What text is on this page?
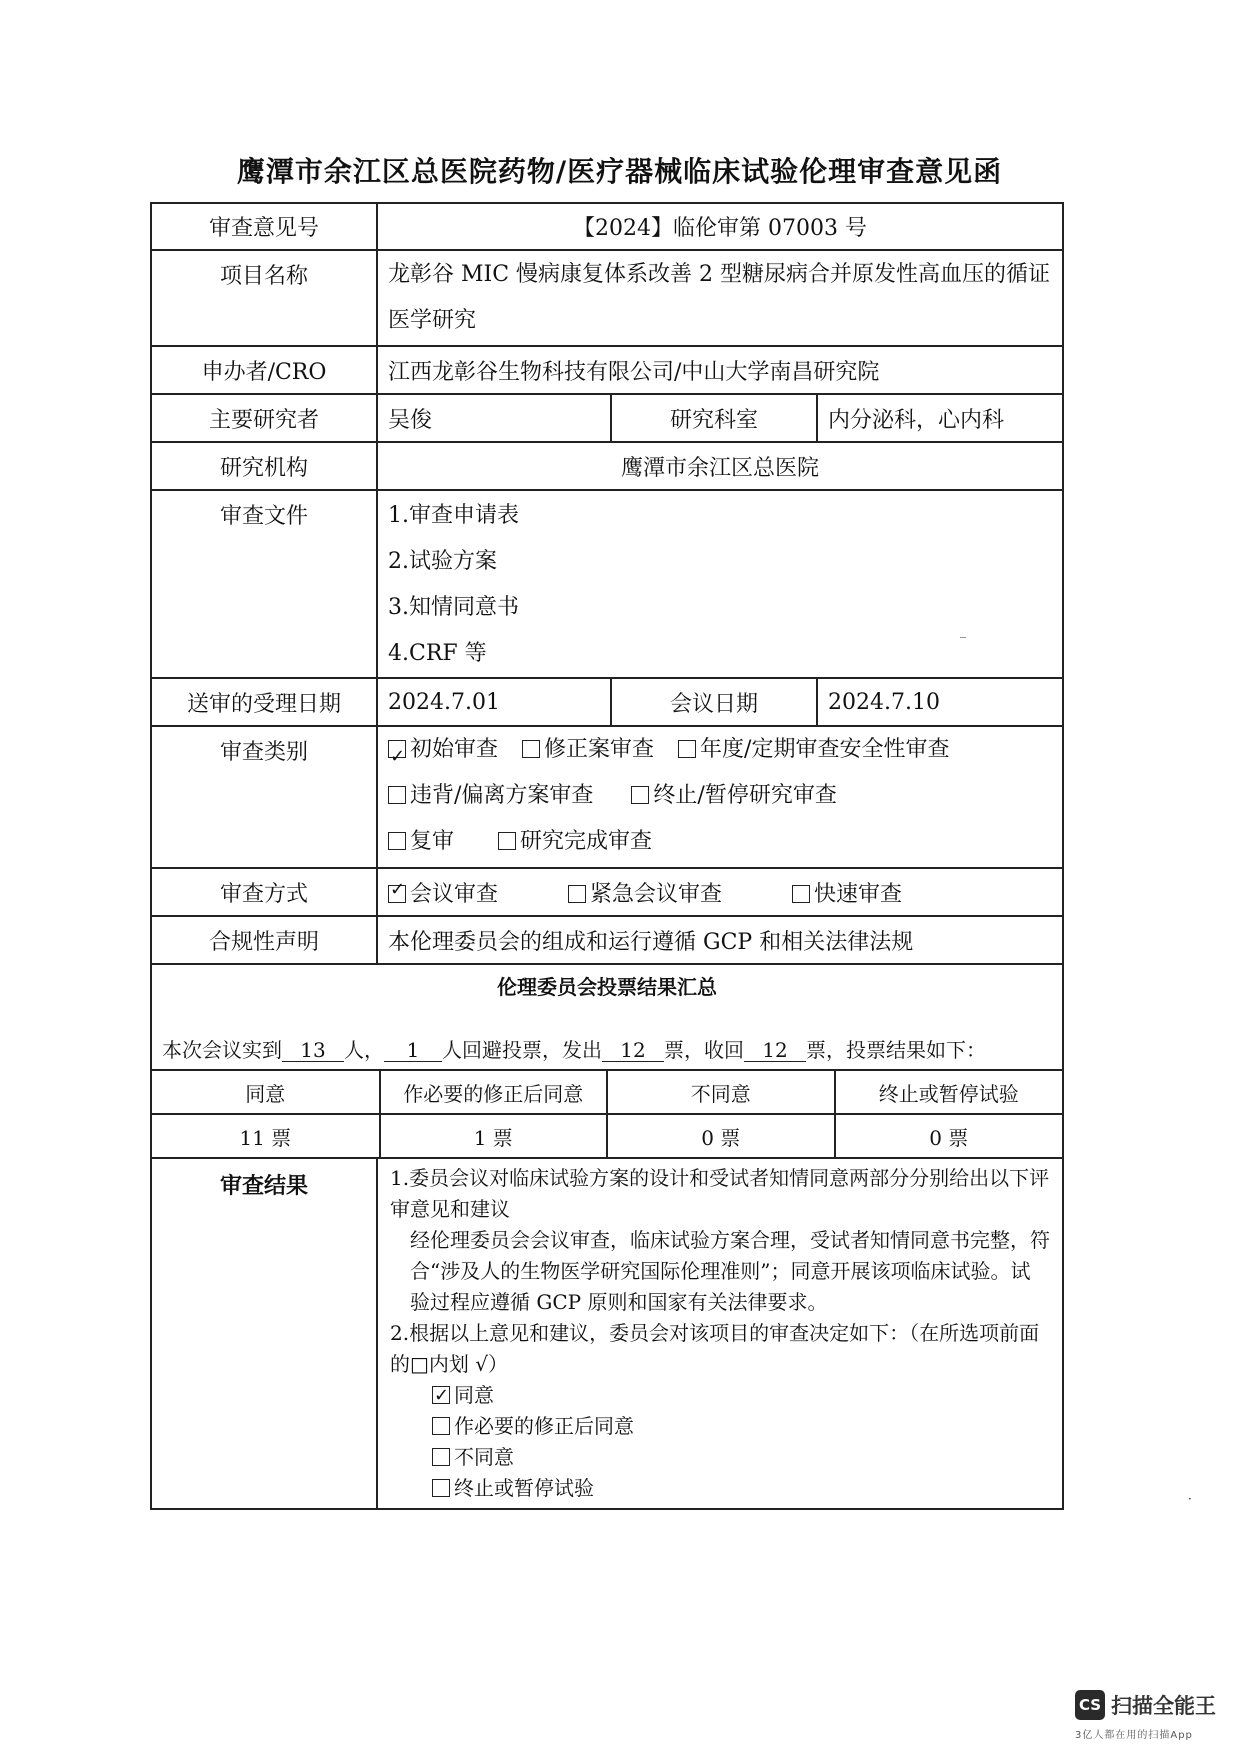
鹰潭市余江区总医院药物/医疗器械临床试验伦理审查意见函
审查意见号	【2024】临伦审第 07003 号
项目名称	龙彰谷 MIC 慢病康复体系改善 2 型糖尿病合并原发性高血压的循证医学研究
申办者/CRO	江西龙彰谷生物科技有限公司/中山大学南昌研究院
主要研究者	吴俊	研究科室	内分泌科，心内科
研究机构	鹰潭市余江区总医院
审查文件	1.审查申请表
2.试验方案
3.知情同意书
4.CRF 等

送审的受理日期	2024.7.01	会议日期	2024.7.10
审查类别	
✓初始审查 修正案审查 年度/定期审查安全性审查
违背/偏离方案审查	终止/暂停研究审查
复审	研究完成审查

审查方式	✓会议审查	紧急会议审查	快速审查
合规性声明	本伦理委员会的组成和运行遵循 GCP 和相关法律法规

伦理委员会投票结果汇总
本次会议实到 13 人， 1 人回避投票，发出 12 票，收回 12 票，投票结果如下：
同意	作必要的修正后同意	不同意	终止或暂停试验
11 票	1 票	0 票	0 票

审查结果	1.委员会议对临床试验方案的设计和受试者知情同意两部分分别给出以下评审意见和建议
经伦理委员会会议审查，临床试验方案合理，受试者知情同意书完整，符合“涉及人的生物医学研究国际伦理准则”；同意开展该项临床试验。试验过程应遵循 GCP 原则和国家有关法律要求。
2.根据以上意见和建议，委员会对该项目的审查决定如下：（在所选项前面的□内划 √）
✓同意
作必要的修正后同意
不同意
终止或暂停试验
‾
·
CS 扫描全能王
3亿人都在用的扫描App
